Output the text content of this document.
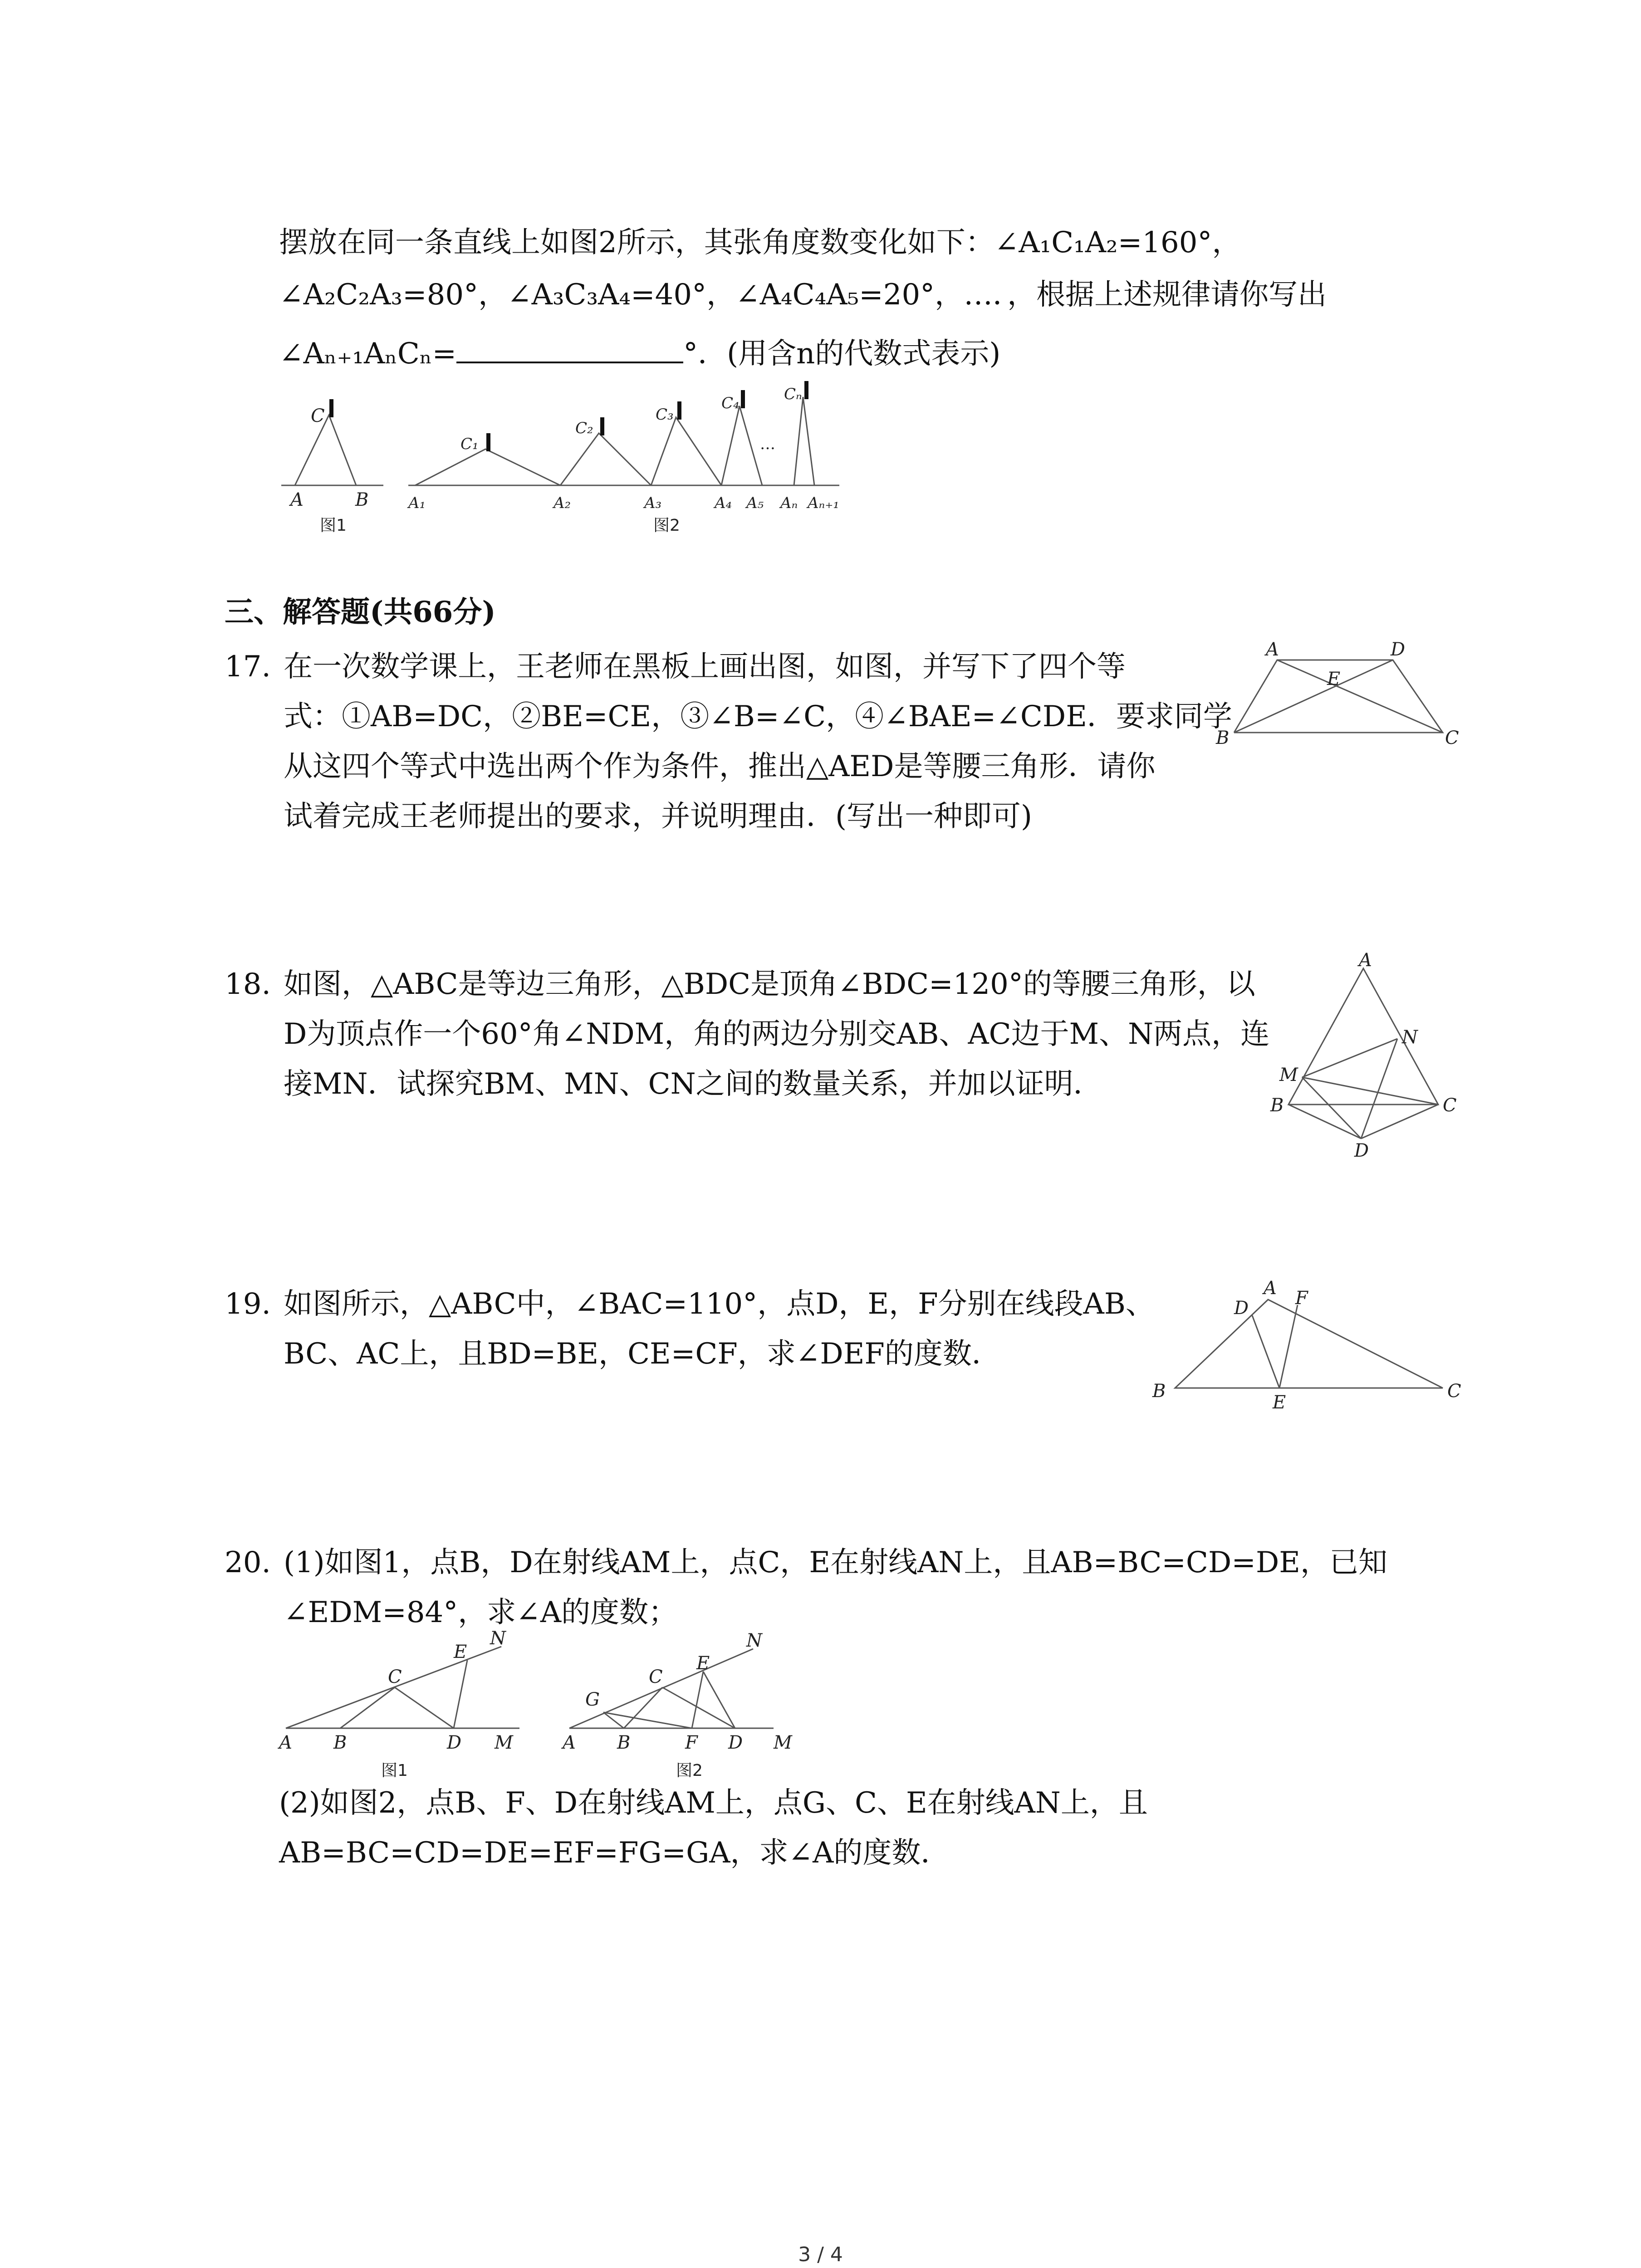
摆放在同一条直线上如图2所示，其张角度数变化如下：∠A₁C₁A₂=160°，
∠A₂C₂A₃=80°，∠A₃C₃A₄=40°，∠A₄C₄A₅=20°，…．，根据上述规律请你写出
∠Aₙ₊₁AₙCₙ=	°．(用含n的代数式表示)
C
A	B
图1
C₁
C₂
C₃
C₄	Cₙ
…
A₁	A₂	A₃	A₄ A₅ Aₙ Aₙ₊₁
图2
三、解答题(共66分)
17. 在一次数学课上，王老师在黑板上画出图，如图，并写下了四个等
式：①AB=DC，②BE=CE，③∠B=∠C，④∠BAE=∠CDE．要求同学
从这四个等式中选出两个作为条件，推出△AED是等腰三角形．请你
试着完成王老师提出的要求，并说明理由．(写出一种即可)
A	D
E
B	C
18. 如图，△ABC是等边三角形，△BDC是顶角∠BDC=120°的等腰三角形，以
D为顶点作一个60°角∠NDM，角的两边分别交AB、AC边于M、N两点，连
接MN．试探究BM、MN、CN之间的数量关系，并加以证明．
A
N
M
B	C
D
19. 如图所示，△ABC中，∠BAC=110°，点D，E，F分别在线段AB、
BC、AC上，且BD=BE，CE=CF，求∠DEF的度数．
D
A F
B
E
C
20. (1)如图1，点B，D在射线AM上，点C，E在射线AN上，且AB=BC=CD=DE，已知
∠EDM=84°，求∠A的度数；
A B
C
D
E
M
N
图1
A B
G
C
E
F D M
N
图2
(2)如图2，点B、F、D在射线AM上，点G、C、E在射线AN上，且
AB=BC=CD=DE=EF=FG=GA，求∠A的度数．
3 / 4
